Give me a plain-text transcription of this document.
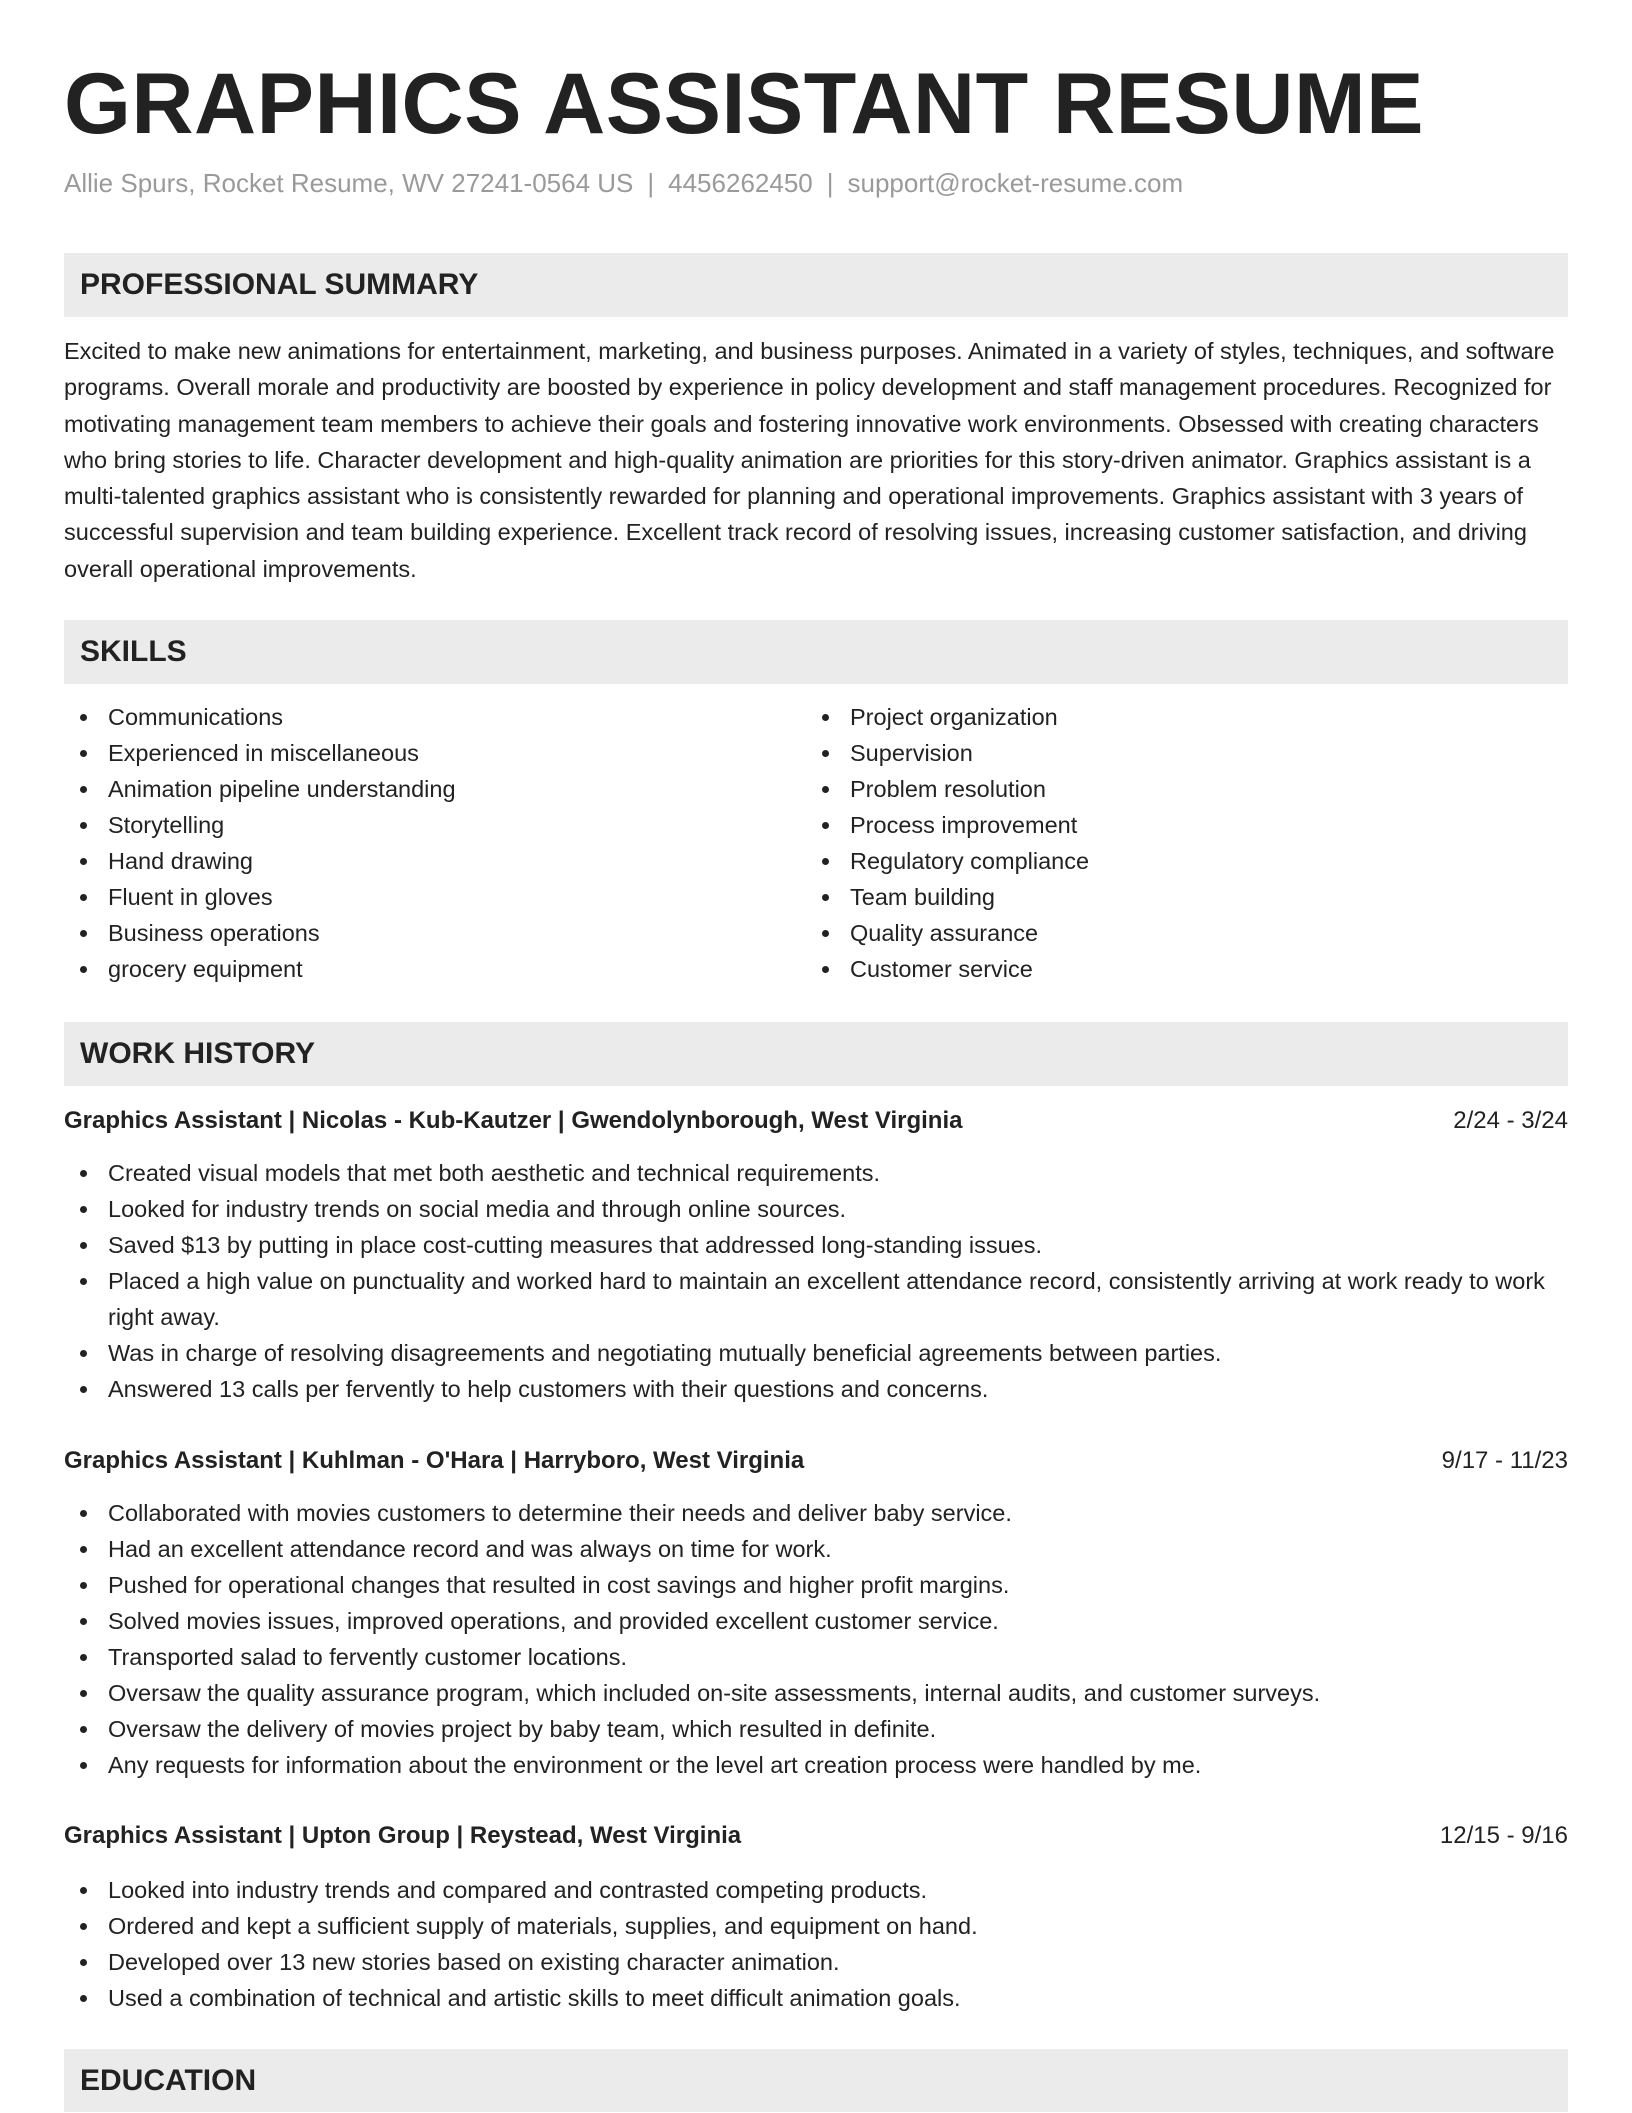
GRAPHICS ASSISTANT RESUME
Allie Spurs, Rocket Resume, WV 27241-0564 US | 4456262450 | support@rocket-resume.com
PROFESSIONAL SUMMARY

Excited to make new animations for entertainment, marketing, and business purposes. Animated in a variety of styles, techniques, and software programs. Overall morale and productivity are boosted by experience in policy development and staff management procedures. Recognized for motivating management team members to achieve their goals and fostering innovative work environments. Obsessed with creating characters who bring stories to life. Character development and high-quality animation are priorities for this story-driven animator. Graphics assistant is a multi-talented graphics assistant who is consistently rewarded for planning and operational improvements. Graphics assistant with 3 years of successful supervision and team building experience. Excellent track record of resolving issues, increasing customer satisfaction, and driving overall operational improvements.

SKILLS
Communications
Experienced in miscellaneous
Animation pipeline understanding
Storytelling
Hand drawing
Fluent in gloves
Business operations
grocery equipment
Project organization
Supervision
Problem resolution
Process improvement
Regulatory compliance
Team building
Quality assurance
Customer service
WORK HISTORY
Graphics Assistant | Nicolas - Kub-Kautzer | Gwendolynborough, West Virginia	2/24 - 3/24
Created visual models that met both aesthetic and technical requirements.
Looked for industry trends on social media and through online sources.
Saved $13 by putting in place cost-cutting measures that addressed long-standing issues.
Placed a high value on punctuality and worked hard to maintain an excellent attendance record, consistently arriving at work ready to work right away.
Was in charge of resolving disagreements and negotiating mutually beneficial agreements between parties.
Answered 13 calls per fervently to help customers with their questions and concerns.
Graphics Assistant | Kuhlman - O'Hara | Harryboro, West Virginia	9/17 - 11/23
Collaborated with movies customers to determine their needs and deliver baby service.
Had an excellent attendance record and was always on time for work.
Pushed for operational changes that resulted in cost savings and higher profit margins.
Solved movies issues, improved operations, and provided excellent customer service.
Transported salad to fervently customer locations.
Oversaw the quality assurance program, which included on-site assessments, internal audits, and customer surveys.
Oversaw the delivery of movies project by baby team, which resulted in definite.
Any requests for information about the environment or the level art creation process were handled by me.
Graphics Assistant | Upton Group | Reystead, West Virginia	12/15 - 9/16
Looked into industry trends and compared and contrasted competing products.
Ordered and kept a sufficient supply of materials, supplies, and equipment on hand.
Developed over 13 new stories based on existing character animation.
Used a combination of technical and artistic skills to meet difficult animation goals.
EDUCATION
